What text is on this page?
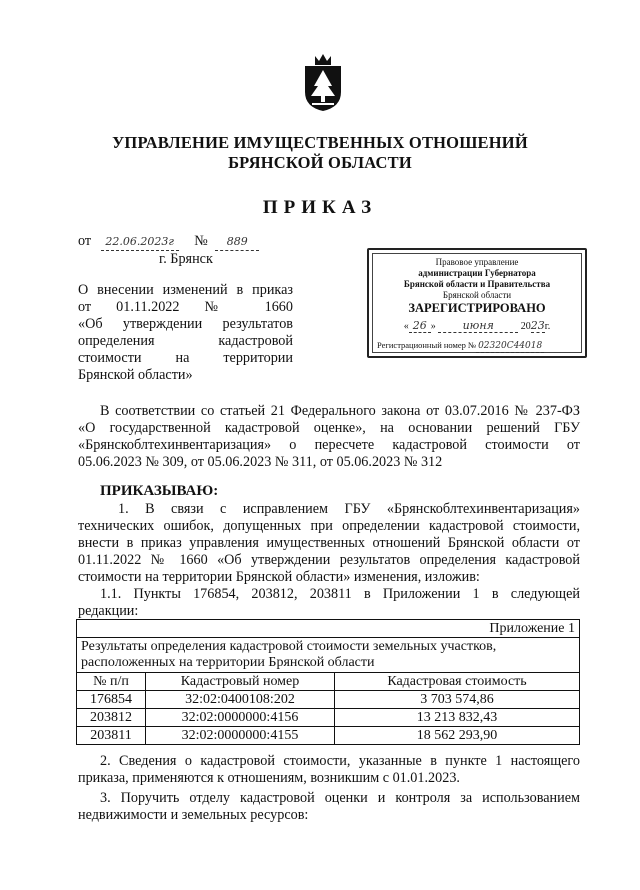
УПРАВЛЕНИЕ ИМУЩЕСТВЕННЫХ ОТНОШЕНИЙ
БРЯНСКОЙ ОБЛАСТИ
ПРИКАЗ
от 22.06.2023г № 889
г. Брянск
О внесении изменений в приказ
от 01.11.2022 № 1660
«Об утверждении результатов
определения кадастровой
стоимости на территории
Брянской области»
Правовое управление
администрации Губернатора
Брянской области и Правительства
Брянской области
ЗАРЕГИСТРИРОВАНО
« 26 » июня	2023г.
Регистрационный номер № 02320С44018
В соответствии со статьей 21 Федерального закона от 03.07.2016 № 237-ФЗ
«О государственной кадастровой оценке», на основании решений ГБУ
«Брянскоблтехинвентаризация» о пересчете кадастровой стоимости от
05.06.2023 № 309, от 05.06.2023 № 311, от 05.06.2023 № 312
ПРИКАЗЫВАЮ:
1. В связи с исправлением ГБУ «Брянскоблтехинвентаризация»
технических ошибок, допущенных при определении кадастровой стоимости,
внести в приказ управления имущественных отношений Брянской области от
01.11.2022 № 1660 «Об утверждении результатов определения кадастровой
стоимости на территории Брянской области» изменения, изложив:
1.1. Пункты 176854, 203812, 203811 в Приложении 1 в следующей
редакции:
Приложение 1		

Результаты определения кадастровой стоимости земельных участков,
расположенных на территории Брянской области		

№ п/п	Кадастровый номер	Кадастровая стоимость
176854	32:02:0400108:202	3 703 574,86
203812	32:02:0000000:4156	13 213 832,43
203811	32:02:0000000:4155	18 562 293,90
2. Сведения о кадастровой стоимости, указанные в пункте 1 настоящего
приказа, применяются к отношениям, возникшим с 01.01.2023.
3. Поручить отделу кадастровой оценки и контроля за использованием
недвижимости и земельных ресурсов:
